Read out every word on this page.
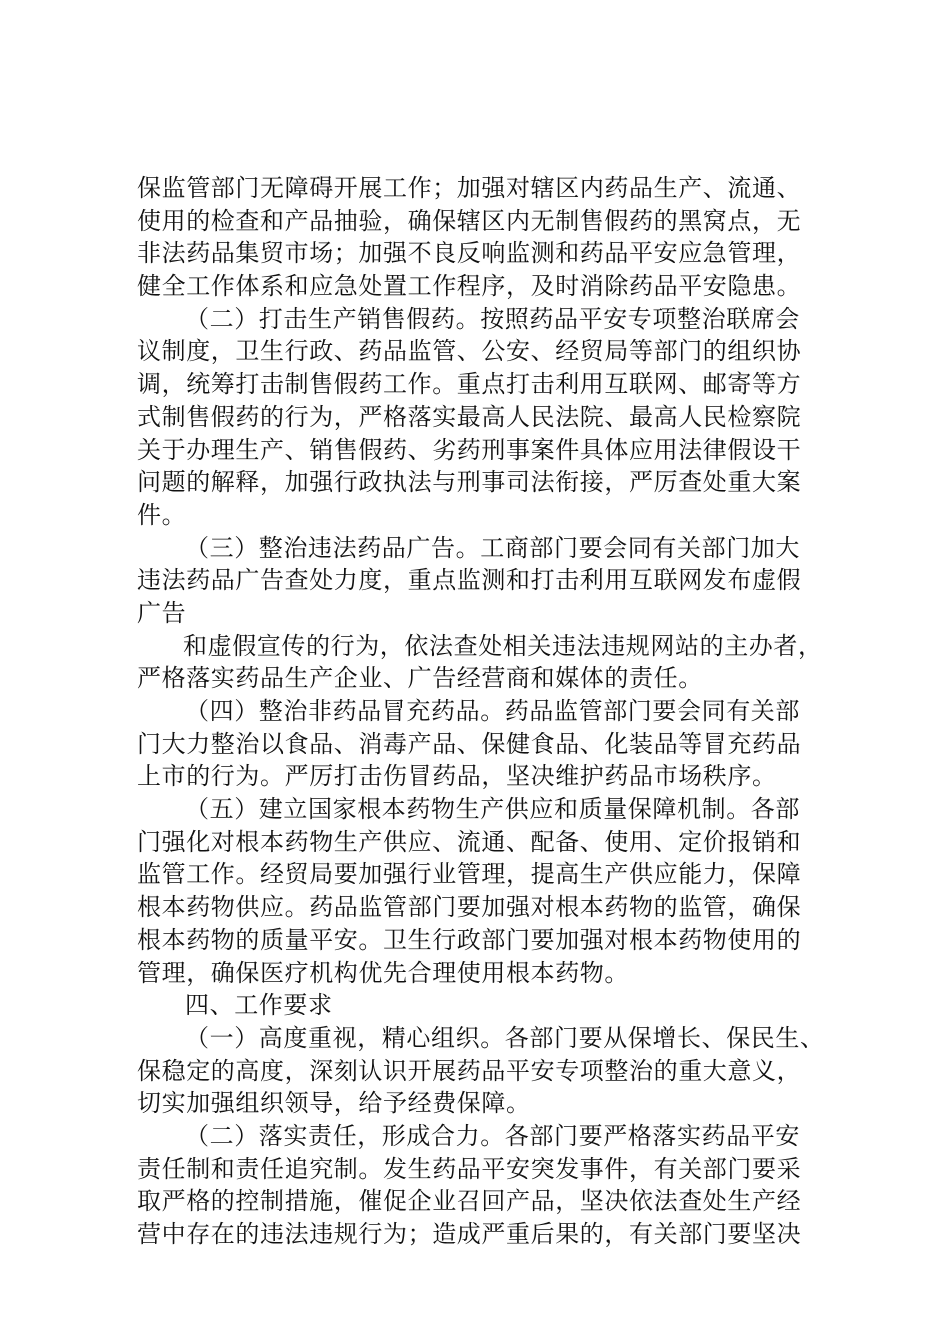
保监管部门无障碍开展工作；加强对辖区内药品生产、流通、
使用的检查和产品抽验，确保辖区内无制售假药的黑窝点，无
非法药品集贸市场；加强不良反响监测和药品平安应急管理，
健全工作体系和应急处置工作程序，及时消除药品平安隐患。
（二）打击生产销售假药。按照药品平安专项整治联席会
议制度，卫生行政、药品监管、公安、经贸局等部门的组织协
调，统筹打击制售假药工作。重点打击利用互联网、邮寄等方
式制售假药的行为，严格落实最高人民法院、最高人民检察院
关于办理生产、销售假药、劣药刑事案件具体应用法律假设干
问题的解释，加强行政执法与刑事司法衔接，严厉查处重大案
件。
（三）整治违法药品广告。工商部门要会同有关部门加大
违法药品广告查处力度，重点监测和打击利用互联网发布虚假
广告
和虚假宣传的行为，依法查处相关违法违规网站的主办者，
严格落实药品生产企业、广告经营商和媒体的责任。
（四）整治非药品冒充药品。药品监管部门要会同有关部
门大力整治以食品、消毒产品、保健食品、化装品等冒充药品
上市的行为。严厉打击伤冒药品，坚决维护药品市场秩序。
（五）建立国家根本药物生产供应和质量保障机制。各部
门强化对根本药物生产供应、流通、配备、使用、定价报销和
监管工作。经贸局要加强行业管理，提高生产供应能力，保障
根本药物供应。药品监管部门要加强对根本药物的监管，确保
根本药物的质量平安。卫生行政部门要加强对根本药物使用的
管理，确保医疗机构优先合理使用根本药物。
四、工作要求
（一）高度重视，精心组织。各部门要从保增长、保民生、
保稳定的高度，深刻认识开展药品平安专项整治的重大意义，
切实加强组织领导，给予经费保障。
（二）落实责任，形成合力。各部门要严格落实药品平安
责任制和责任追究制。发生药品平安突发事件，有关部门要采
取严格的控制措施，催促企业召回产品，坚决依法查处生产经
营中存在的违法违规行为；造成严重后果的，有关部门要坚决
